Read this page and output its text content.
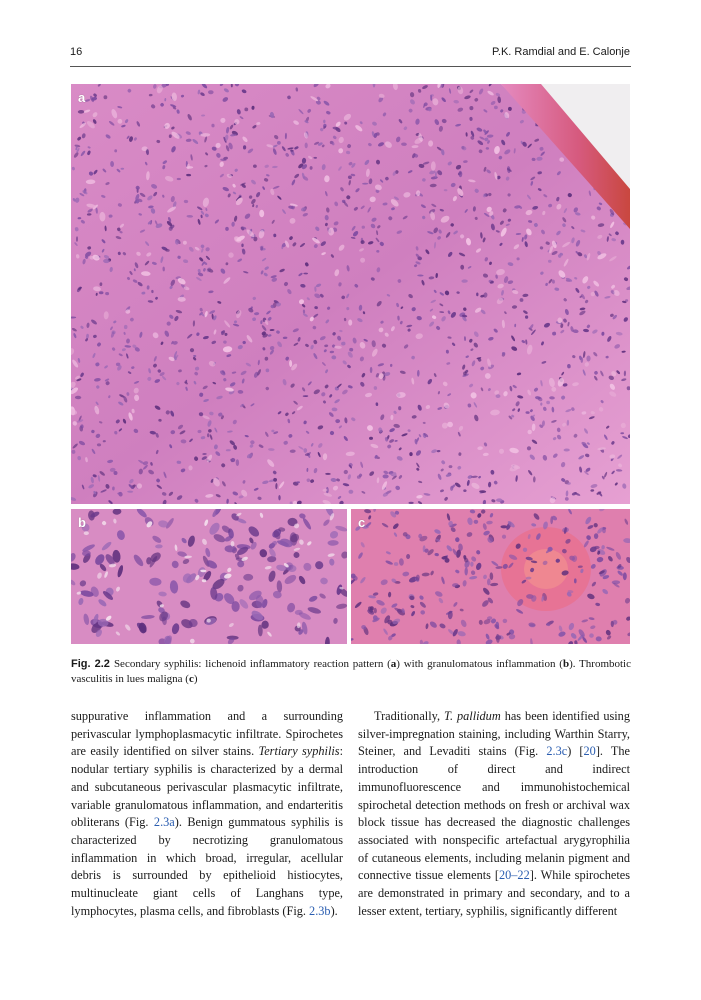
16	P.K. Ramdial and E. Calonje
a
b	c
Fig. 2.2 Secondary syphilis: lichenoid inflammatory reaction pattern (a) with granulomatous inflammation (b). Thrombotic vasculitis in lues maligna (c)

suppurative inflammation and a surrounding perivascular lymphoplasmacytic infiltrate. Spirochetes are easily identified on silver stains. Tertiary syphilis: nodular tertiary syphilis is characterized by a dermal and subcutaneous perivascular plasmacytic infiltrate, variable granulomatous inflammation, and endarteritis obliterans (Fig. 2.3a). Benign gummatous syphilis is characterized by necrotizing granulomatous inflammation in which broad, irregular, acellular debris is surrounded by epithelioid histiocytes, multinucleate giant cells of Langhans type, lymphocytes, plasma cells, and fibroblasts (Fig. 2.3b).

Traditionally, T. pallidum has been identified using silver-impregnation staining, including Warthin Starry, Steiner, and Levaditi stains (Fig. 2.3c) [20]. The introduction of direct and indirect immunofluorescence and immunohistochemical spirochetal detection methods on fresh or archival wax block tissue has decreased the diagnostic challenges associated with nonspecific artefactual arygyrophilia of cutaneous elements, including melanin pigment and connective tissue elements [20–22]. While spirochetes are demonstrated in primary and secondary, and to a lesser extent, tertiary, syphilis, significantly different
